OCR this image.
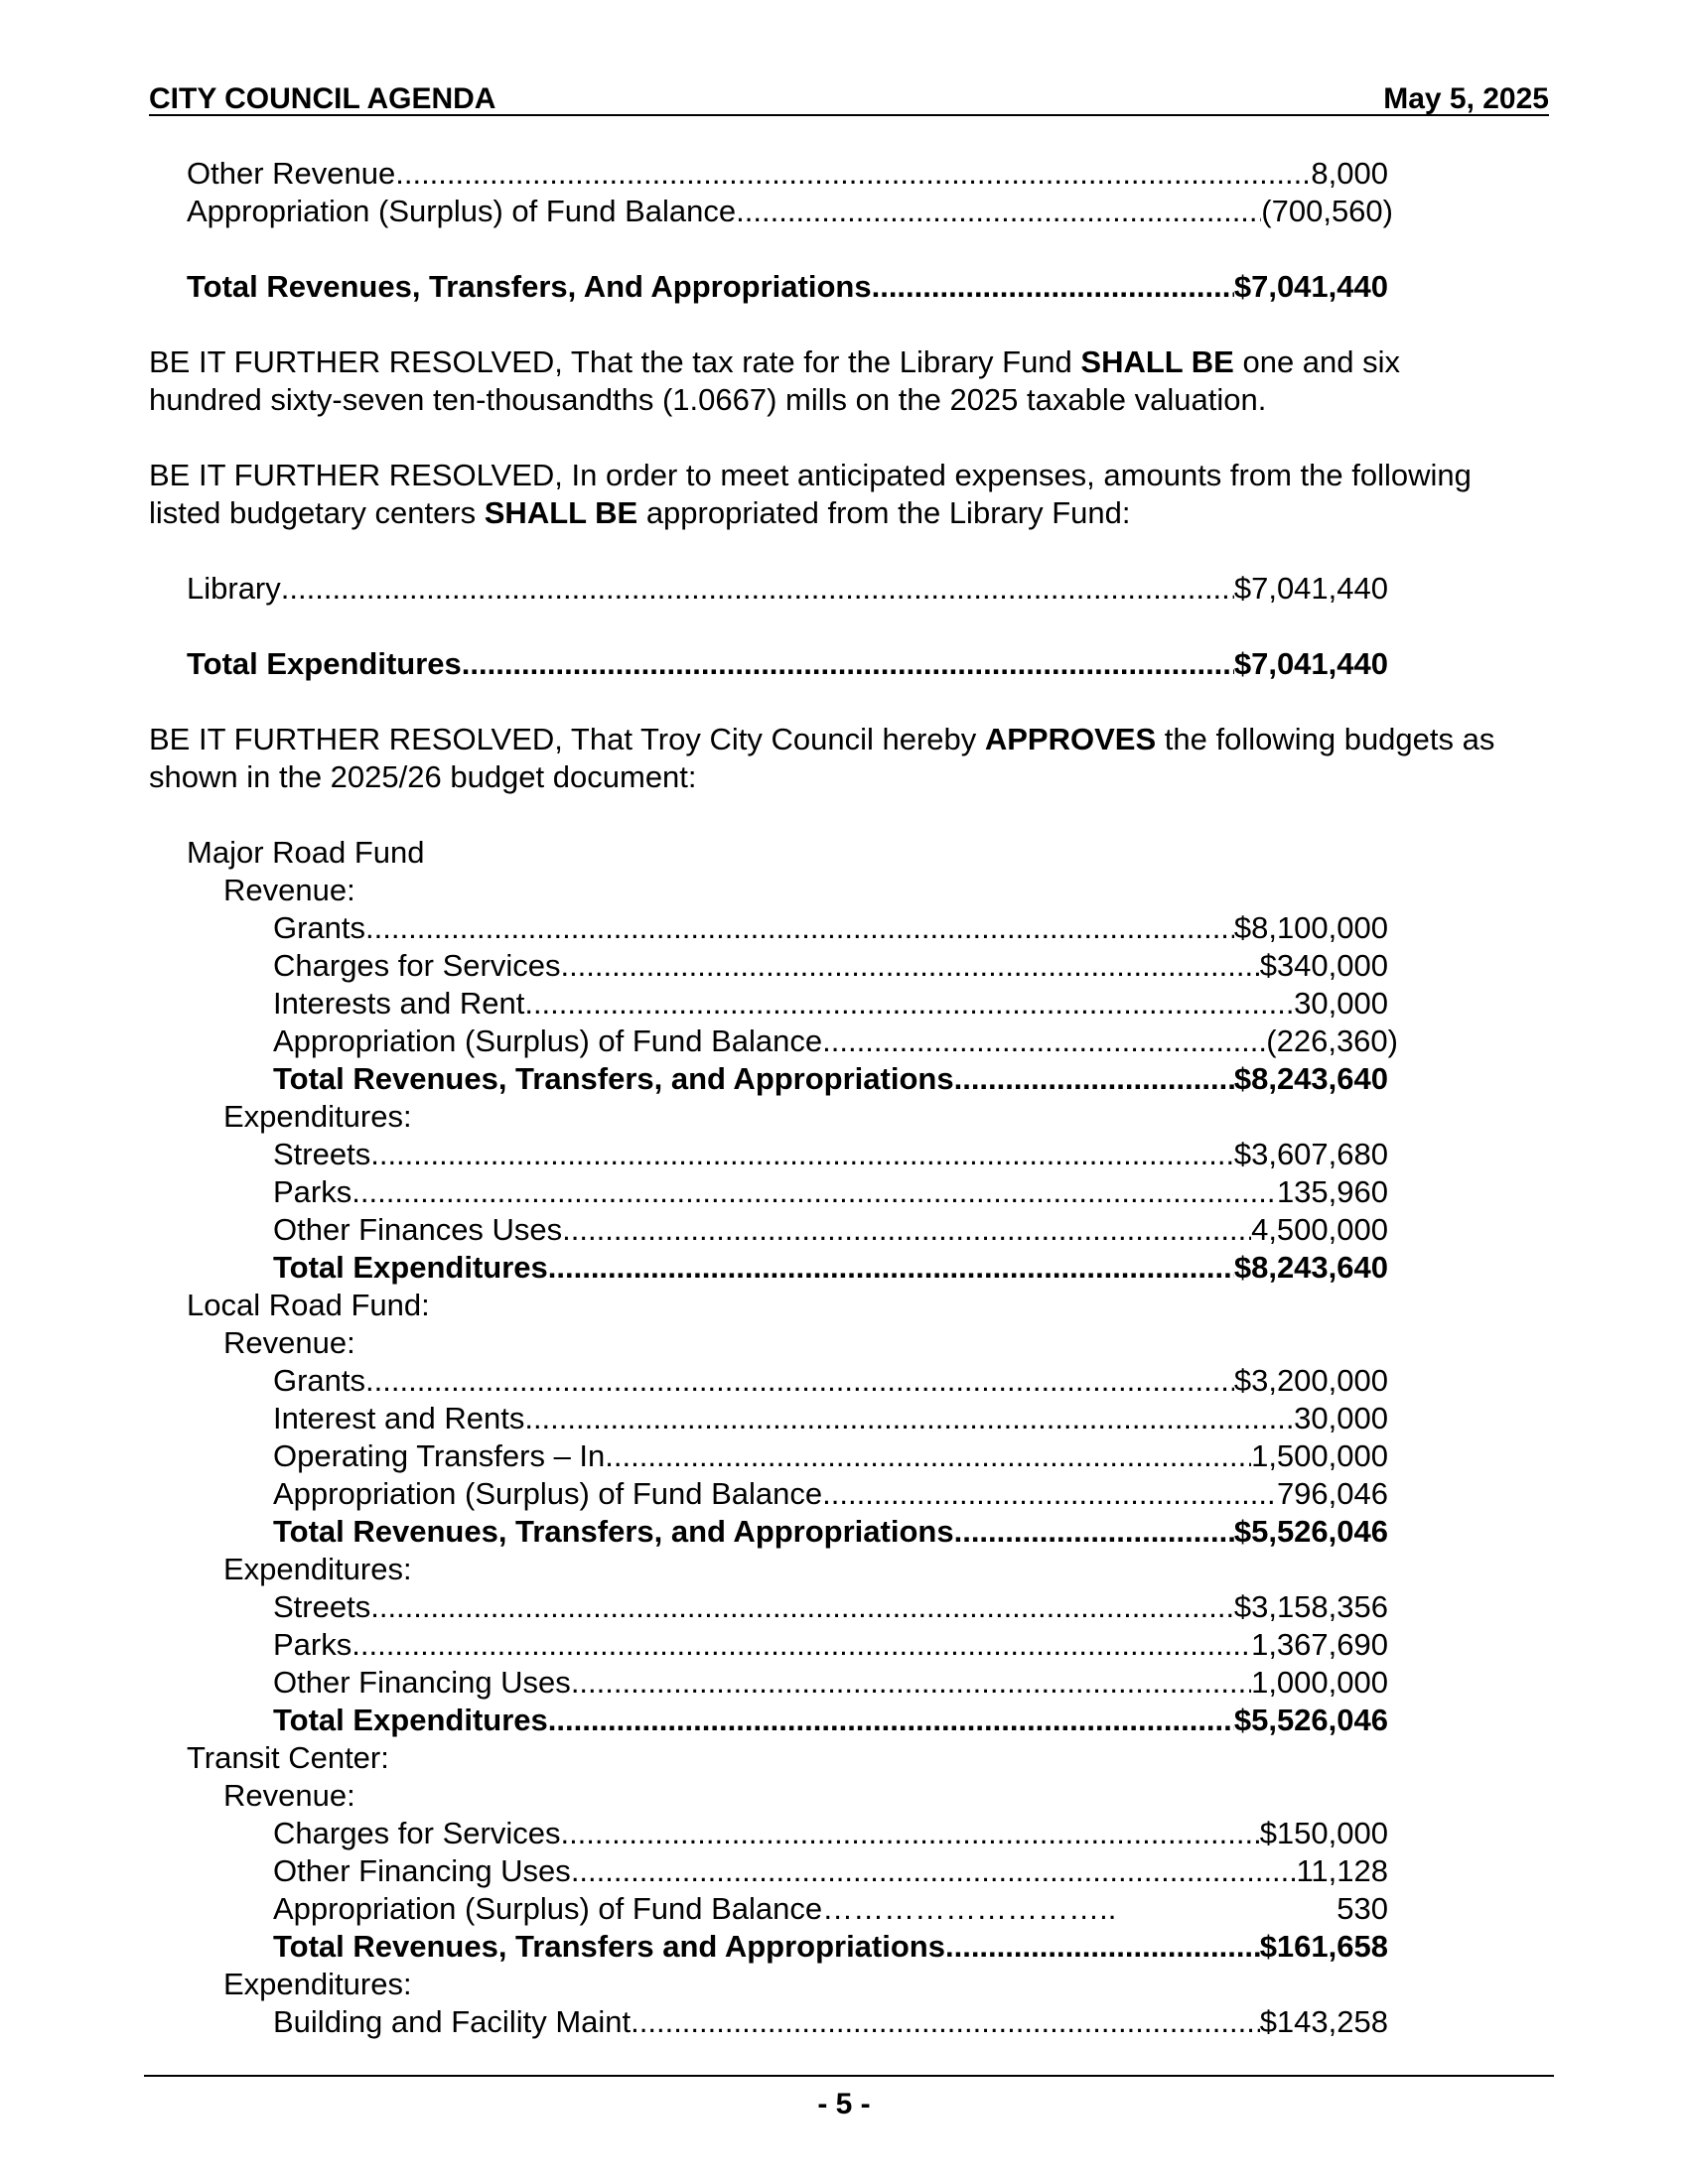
CITY COUNCIL AGENDA	May 5, 2025
Other Revenue .....	8,000
Appropriation (Surplus) of Fund Balance .....	(700,560)
Total Revenues, Transfers, And Appropriations .....	$7,041,440
BE IT FURTHER RESOLVED, That the tax rate for the Library Fund SHALL BE one and six hundred sixty-seven ten-thousandths (1.0667) mills on the 2025 taxable valuation.
BE IT FURTHER RESOLVED, In order to meet anticipated expenses, amounts from the following listed budgetary centers SHALL BE appropriated from the Library Fund:
Library .....	$7,041,440
Total Expenditures .....	$7,041,440
BE IT FURTHER RESOLVED, That Troy City Council hereby APPROVES the following budgets as shown in the 2025/26 budget document:
Major Road Fund
Revenue:
Grants .....	$8,100,000
Charges for Services .....	$340,000
Interests and Rent .....	30,000
Appropriation (Surplus) of Fund Balance .....	(226,360)
Total Revenues, Transfers, and Appropriations .....	$8,243,640
Expenditures:
Streets .....	$3,607,680
Parks .....	135,960
Other Finances Uses .....	4,500,000
Total Expenditures .....	$8,243,640
Local Road Fund:
Revenue:
Grants .....	$3,200,000
Interest and Rents .....	30,000
Operating Transfers – In .....	1,500,000
Appropriation (Surplus) of Fund Balance .....	796,046
Total Revenues, Transfers, and Appropriations .....	$5,526,046
Expenditures:
Streets .....	$3,158,356
Parks .....	1,367,690
Other Financing Uses .....	1,000,000
Total Expenditures .....	$5,526,046
Transit Center:
Revenue:
Charges for Services .....	$150,000
Other Financing Uses .....	11,128
Appropriation (Surplus) of Fund Balance………………………..	530
Total Revenues, Transfers and Appropriations .....	$161,658
Expenditures:
Building and Facility Maint .....	$143,258
- 5 -
